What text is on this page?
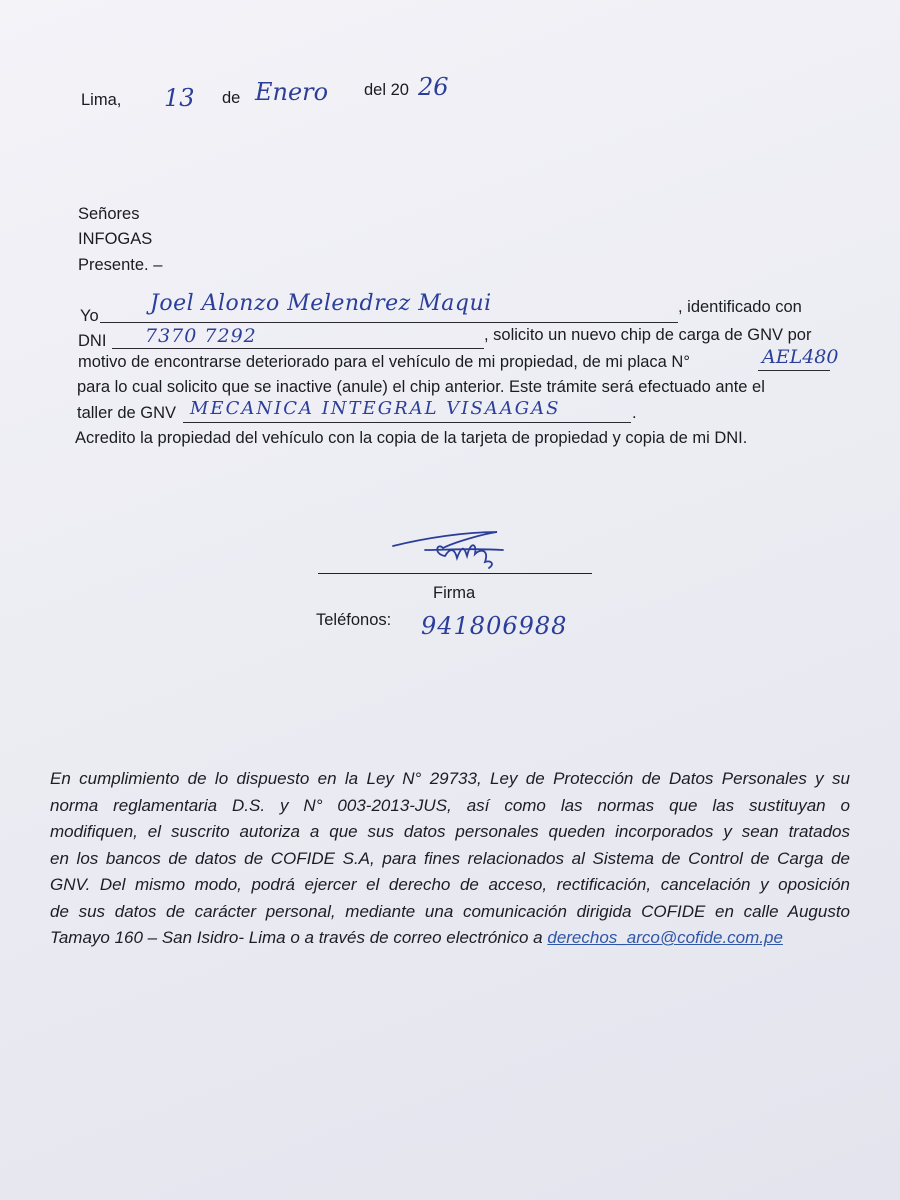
Lima, 13 de Enero del 20 26
Señores
INFOGAS
Presente. –
Yo Joel Alonzo Melendrez Maqui	, identificado con
DNI 7370 7292	, solicito un nuevo chip de carga de GNV por
motivo de encontrarse deteriorado para el vehículo de mi propiedad, de mi placa N°	AEL480
para lo cual solicito que se inactive (anule) el chip anterior. Este trámite será efectuado ante el
taller de GNV MECANICA INTEGRAL VISAAGAS	.
Acredito la propiedad del vehículo con la copia de la tarjeta de propiedad y copia de mi DNI.
Firma
Teléfonos: 941806988
En cumplimiento de lo dispuesto en la Ley N° 29733, Ley de Protección de Datos Personales y su
norma reglamentaria D.S. y N° 003-2013-JUS, así como las normas que las sustituyan o
modifiquen, el suscrito autoriza a que sus datos personales queden incorporados y sean tratados
en los bancos de datos de COFIDE S.A, para fines relacionados al Sistema de Control de Carga de
GNV. Del mismo modo, podrá ejercer el derecho de acceso, rectificación, cancelación y oposición
de sus datos de carácter personal, mediante una comunicación dirigida COFIDE en calle Augusto
Tamayo 160 – San Isidro- Lima o a través de correo electrónico a derechos_arco@cofide.com.pe
